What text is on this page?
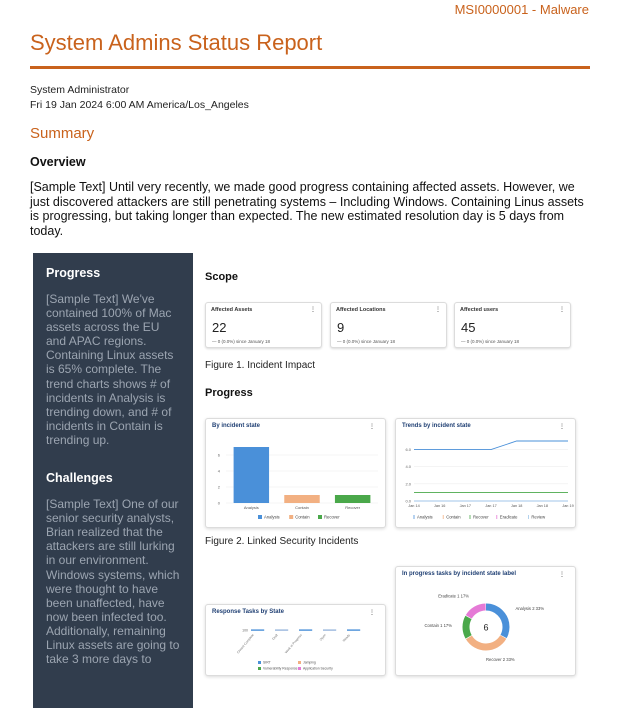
MSI0000001 - Malware
System Admins Status Report
System Administrator
Fri 19 Jan 2024 6:00 AM America/Los_Angeles
Summary
Overview
[Sample Text] Until very recently, we made good progress containing affected assets. However, we just discovered attackers are still penetrating systems – Including Windows. Containing Linus assets is progressing, but taking longer than expected. The new estimated resolution day is 5 days from today.
Progress
[Sample Text] We've contained 100% of Mac assets across the EU and APAC regions. Containing Linux assets is 65% complete. The trend charts shows # of incidents in Analysis is trending down, and # of incidents in Contain is trending up.
Challenges
[Sample Text] One of our senior security analysts, Brian realized that the attackers are still lurking in our environment. Windows systems, which were thought to have been unaffected, have now been infected too. Additionally, remaining Linux assets are going to take 3 more days to
Scope
Affected Assets	⋮
22
— 0 (0.0%) since January 18
Affected Locations	⋮
9
— 0 (0.0%) since January 18
Affected users	⋮
45
— 0 (0.0%) since January 18
Figure 1. Incident Impact
Progress
By incident state	⋮
0
2
4
6
Analysis	Contain	Recover
Analysis	Contain	Recover
Trends by incident state	⋮
0.0
2.0
4.0
6.0
Jan 14	Jan 16	Jan 17	Jan 17	Jan 18	Jan 18	Jan 19
Analysis	Contain	Recover	Eradicate	Review
Figure 2. Linked Security Incidents
Response Tasks by State	⋮
100
Closed Complete	Draft Work in Progress	Open	Ready
SIRT
Vulnerability Response
Jamping
Application Security
In progress tasks by incident state label	⋮
Analysis 2 33%
Recover 2 33%
Contain 1 17%
Eradicate 1 17%
6
